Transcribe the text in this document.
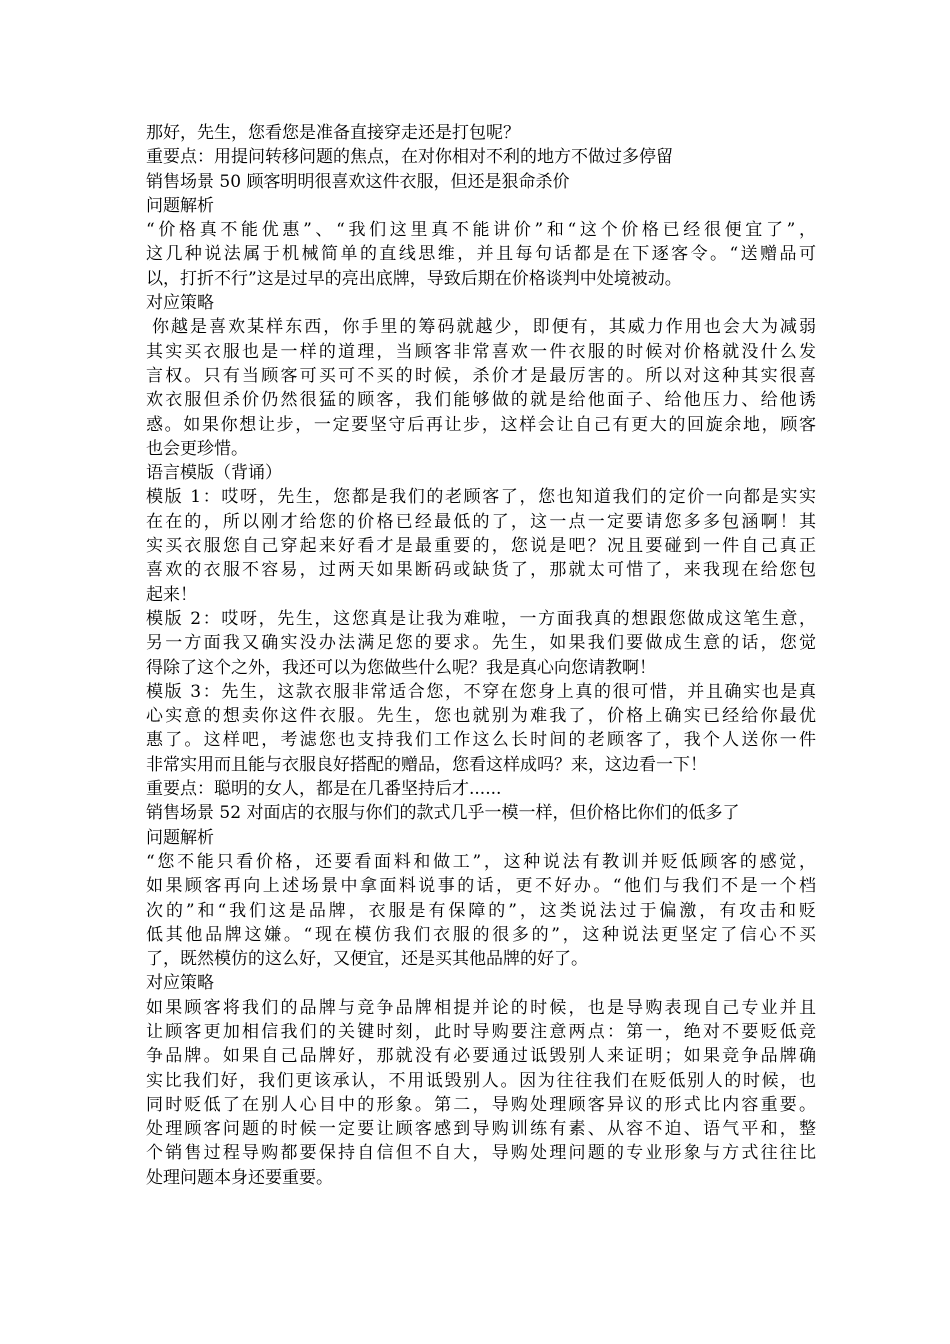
那好，先生，您看您是准备直接穿走还是打包呢？
重要点：用提问转移问题的焦点，在对你相对不利的地方不做过多停留
销售场景 50 顾客明明很喜欢这件衣服，但还是狠命杀价
问题解析
“价格真不能优惠”、“我们这里真不能讲价”和“这个价格已经很便宜了”，
这几种说法属于机械简单的直线思维，并且每句话都是在下逐客令。“送赠品可
以，打折不行”这是过早的亮出底牌，导致后期在价格谈判中处境被动。
对应策略
你越是喜欢某样东西，你手里的筹码就越少，即便有，其威力作用也会大为减弱
其实买衣服也是一样的道理，当顾客非常喜欢一件衣服的时候对价格就没什么发
言权。只有当顾客可买可不买的时候，杀价才是最厉害的。所以对这种其实很喜
欢衣服但杀价仍然很猛的顾客，我们能够做的就是给他面子、给他压力、给他诱
惑。如果你想让步，一定要坚守后再让步，这样会让自己有更大的回旋余地，顾客
也会更珍惜。
语言模版（背诵）
模版 1：哎呀，先生，您都是我们的老顾客了，您也知道我们的定价一向都是实实
在在的，所以刚才给您的价格已经最低的了，这一点一定要请您多多包涵啊！其
实买衣服您自己穿起来好看才是最重要的，您说是吧？况且要碰到一件自己真正
喜欢的衣服不容易，过两天如果断码或缺货了，那就太可惜了，来我现在给您包
起来！
模版 2：哎呀，先生，这您真是让我为难啦，一方面我真的想跟您做成这笔生意，
另一方面我又确实没办法满足您的要求。先生，如果我们要做成生意的话，您觉
得除了这个之外，我还可以为您做些什么呢？我是真心向您请教啊！
模版 3：先生，这款衣服非常适合您，不穿在您身上真的很可惜，并且确实也是真
心实意的想卖你这件衣服。先生，您也就别为难我了，价格上确实已经给你最优
惠了。这样吧，考滤您也支持我们工作这么长时间的老顾客了，我个人送你一件
非常实用而且能与衣服良好搭配的赠品，您看这样成吗？来，这边看一下！
重要点：聪明的女人，都是在几番坚持后才......
销售场景 52 对面店的衣服与你们的款式几乎一模一样，但价格比你们的低多了
问题解析
“您不能只看价格，还要看面料和做工”，这种说法有教训并贬低顾客的感觉，
如果顾客再向上述场景中拿面料说事的话，更不好办。“他们与我们不是一个档
次的”和“我们这是品牌，衣服是有保障的”，这类说法过于偏激，有攻击和贬
低其他品牌这嫌。“现在模仿我们衣服的很多的”，这种说法更坚定了信心不买
了，既然模仿的这么好，又便宜，还是买其他品牌的好了。
对应策略
如果顾客将我们的品牌与竞争品牌相提并论的时候，也是导购表现自己专业并且
让顾客更加相信我们的关键时刻，此时导购要注意两点：第一，绝对不要贬低竞
争品牌。如果自己品牌好，那就没有必要通过诋毁别人来证明；如果竞争品牌确
实比我们好，我们更该承认，不用诋毁别人。因为往往我们在贬低别人的时候，也
同时贬低了在别人心目中的形象。第二，导购处理顾客异议的形式比内容重要。
处理顾客问题的时候一定要让顾客感到导购训练有素、从容不迫、语气平和，整
个销售过程导购都要保持自信但不自大，导购处理问题的专业形象与方式往往比
处理问题本身还要重要。
